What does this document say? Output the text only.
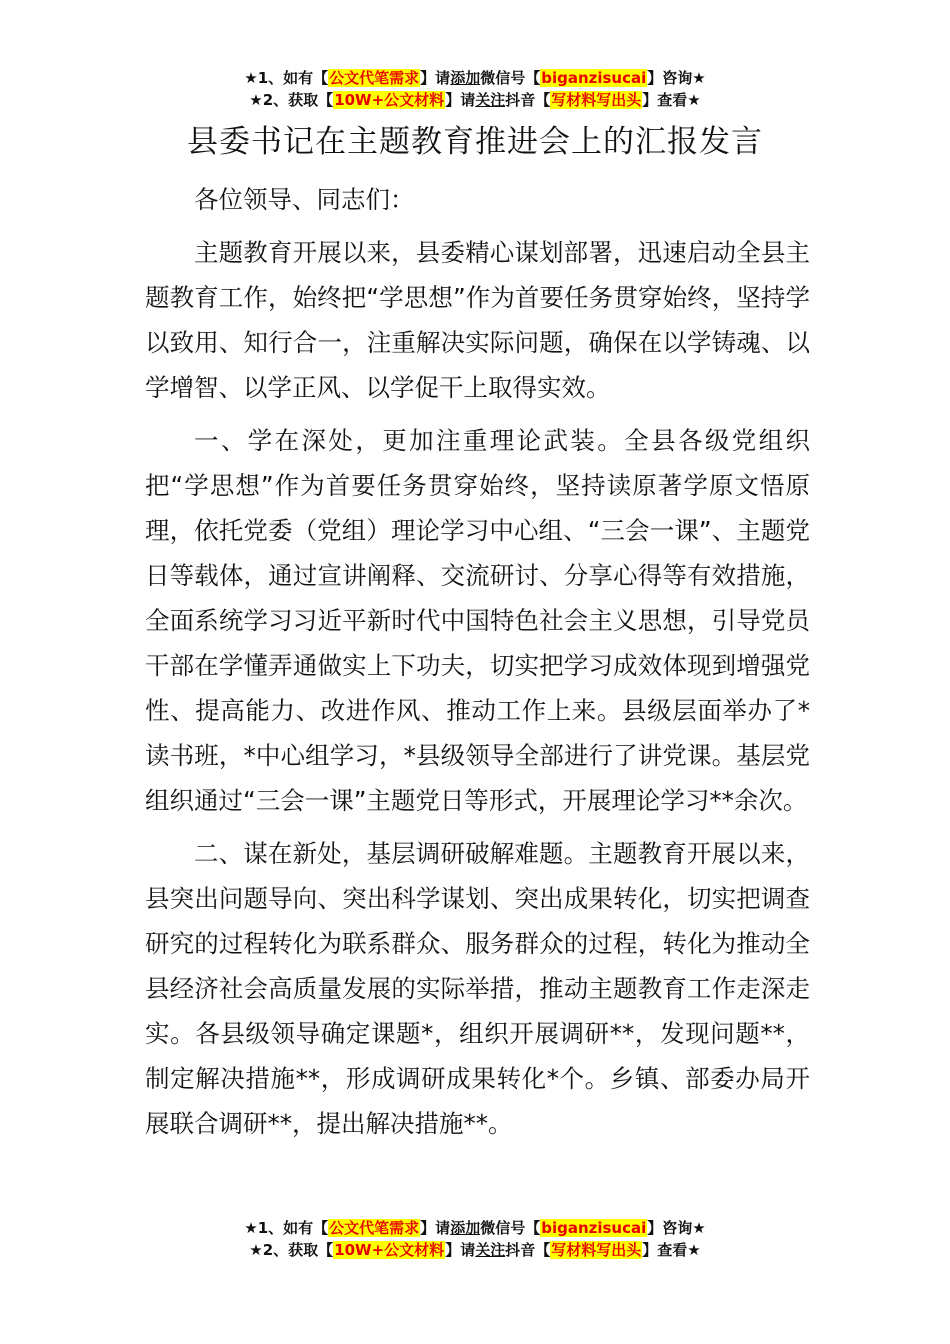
★1、如有【公文代笔需求】请添加微信号【biganzisucai】咨询★
★2、获取【10W+公文材料】请关注抖音【写材料写出头】查看★
县委书记在主题教育推进会上的汇报发言

各位领导、同志们：

主题教育开展以来，县委精心谋划部署，迅速启动全县主题教育工作，始终把“学思想”作为首要任务贯穿始终，坚持学以致用、知行合一，注重解决实际问题，确保在以学铸魂、以学增智、以学正风、以学促干上取得实效。

一、学在深处，更加注重理论武装。全县各级党组织把“学思想”作为首要任务贯穿始终，坚持读原著学原文悟原理，依托党委（党组）理论学习中心组、“三会一课”、主题党日等载体，通过宣讲阐释、交流研讨、分享心得等有效措施，全面系统学习习近平新时代中国特色社会主义思想，引导党员干部在学懂弄通做实上下功夫，切实把学习成效体现到增强党性、提高能力、改进作风、推动工作上来。县级层面举办了*读书班，*中心组学习，*县级领导全部进行了讲党课。基层党组织通过“三会一课”主题党日等形式，开展理论学习**余次。

二、谋在新处，基层调研破解难题。主题教育开展以来，县突出问题导向、突出科学谋划、突出成果转化，切实把调查研究的过程转化为联系群众、服务群众的过程，转化为推动全县经济社会高质量发展的实际举措，推动主题教育工作走深走实。各县级领导确定课题*，组织开展调研**，发现问题**，制定解决措施**，形成调研成果转化*个。乡镇、部委办局开展联合调研**，提出解决措施**。

★1、如有【公文代笔需求】请添加微信号【biganzisucai】咨询★
★2、获取【10W+公文材料】请关注抖音【写材料写出头】查看★
